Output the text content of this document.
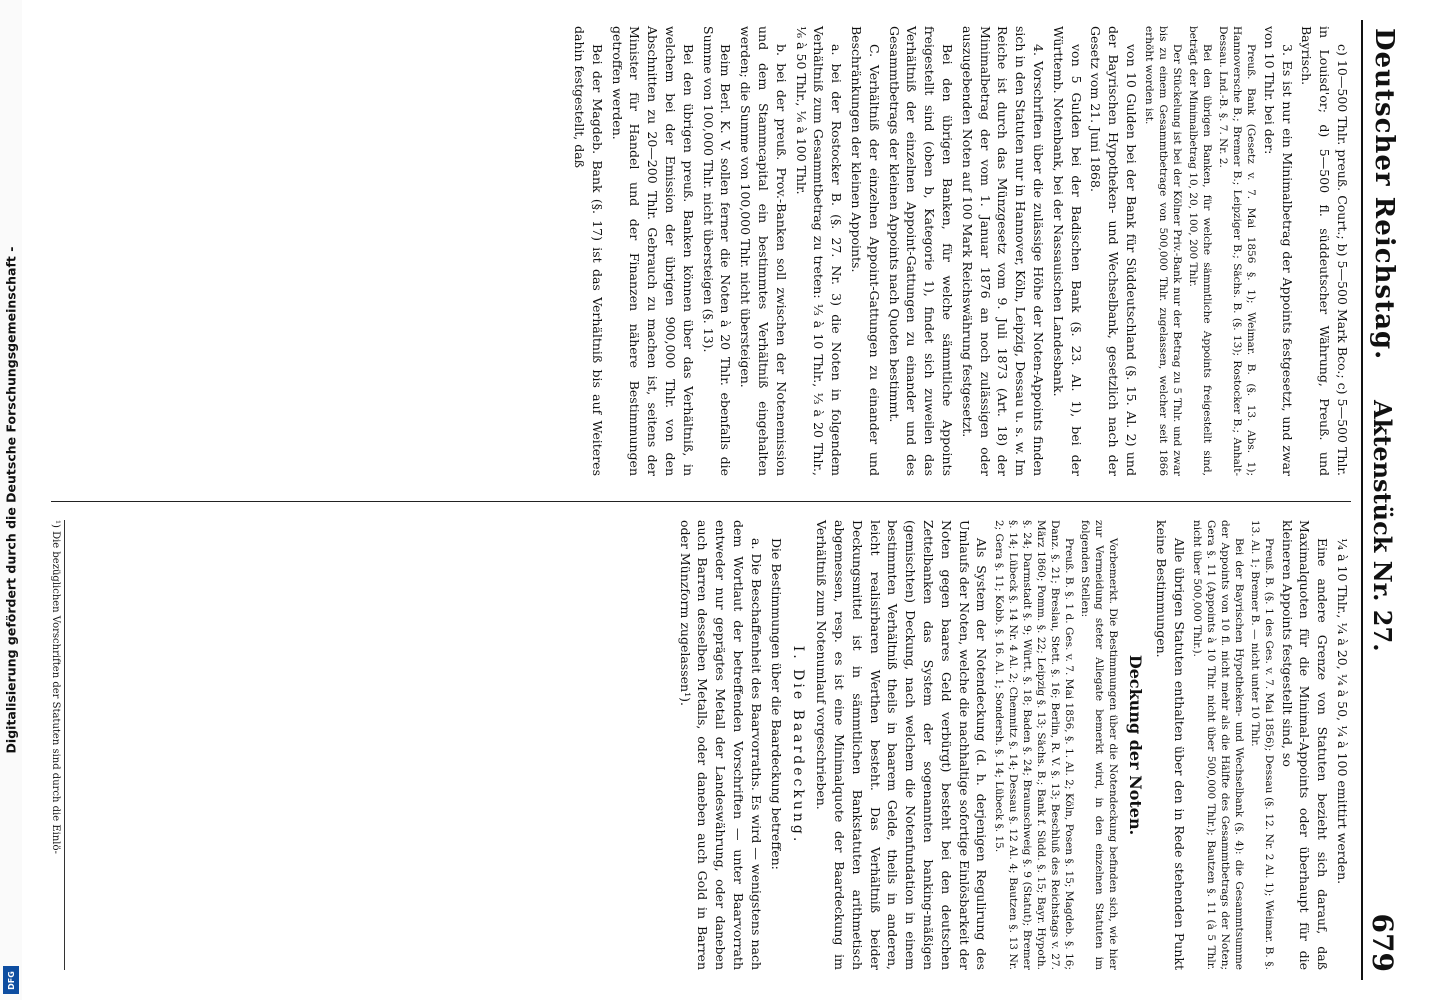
Digitalisierung gefördert durch die Deutsche Forschungsgemeinschaft -
DFG
Deutscher Reichstag.
Aktenstück Nr. 27.
679

c) 10—500 Thlr. preuß. Court.; b) 5—500 Mark Bco.; c) 5—500 Thlr. in Louisd'or; d) 5—500 fl. süddeutscher Währung, Preuß. und Bayrisch.

3. Es ist nur ein Minimalbetrag der Appoints festgesetzt, und zwar von 10 Thlr. bei der:

Preuß. Bank (Gesetz v. 7. Mai 1856 §. 1); Weimar. B. (§. 13. Abs. 1); Hannoversche B.; Bremer B.; Leipziger B.; Sächs. B. (§. 13); Rostocker B.; Anhalt-Dessau. Lnd.-B. §. 7. Nr. 2.

Bei den übrigen Banken, für welche sämmtliche Appoints freigestellt sind, beträgt der Minimalbetrag 10, 20, 100, 200 Thlr.

Der Stückelung ist bei der Kölner Priv.-Bank nur der Betrag zu 5 Thlr. und zwar bis zu einem Gesammtbetrage von 500,000 Thlr. zugelassen, welcher seit 1866 erhöht worden ist.

von 10 Gulden bei der Bank für Süddeutschland (§. 15. Al. 2) und der Bayrischen Hypotheken- und Wechselbank, gesetzlich nach der Gesetz vom 21. Juni 1868.

von 5 Gulden bei der Badischen Bank (§. 23. Al. 1), bei der Württemb. Notenbank, bei der Nassauischen Landesbank.

4. Vorschriften über die zulässige Höhe der Noten-Appoints finden sich in den Statuten nur in Hannover, Köln, Leipzig, Dessau u. s. w. Im Reiche ist durch das Münzgesetz vom 9. Juli 1873 (Art. 18) der Minimalbetrag der vom 1. Januar 1876 an noch zulässigen oder auszugebenden Noten auf 100 Mark Reichswährung festgesetzt.

Bei den übrigen Banken, für welche sämmtliche Appoints freigestellt sind (oben b, Kategorie 1), findet sich zuweilen das Verhältniß der einzelnen Appoint-Gattungen zu einander und des Gesammtbetrags der kleinen Appoints nach Quoten bestimmt.

C. Verhältniß der einzelnen Appoint-Gattungen zu einander und Beschränkungen der kleinen Appoints.

a. bei der Rostocker B. (§. 27. Nr. 3) die Noten in folgendem Verhältniß zum Gesammtbetrag zu treten: ⅓ à 10 Thlr., ⅓ à 20 Thlr., ⅙ à 50 Thlr., ⅙ à 100 Thlr.

b. bei der preuß. Prov.-Banken soll zwischen der Notenemission und dem Stammcapital ein bestimmtes Verhältniß eingehalten werden; die Summe von 100,000 Thlr. nicht übersteigen.

Beim Berl. K. V. sollen ferner die Noten à 20 Thlr. ebenfalls die Summe von 100,000 Thlr. nicht übersteigen (§. 13).

Bei den übrigen preuß. Banken können über das Verhältniß, in welchem bei der Emission der übrigen 900,000 Thlr. von den Abschnitten zu 20—200 Thlr. Gebrauch zu machen ist, seitens der Minister für Handel und der Finanzen nähere Bestimmungen getroffen werden.

Bei der Magdeb. Bank (§. 17) ist das Verhältniß bis auf Weiteres dahin festgestellt, daß

¼ à 10 Thlr., ¼ à 20, ¼ à 50, ¼ à 100 emittirt werden.

Eine andere Grenze von Statuten bezieht sich darauf, daß Maximalquoten für die Minimal-Appoints oder überhaupt für die kleineren Appoints festgestellt sind, so

Preuß. B. (§. 1 des Ges. v. 7. Mai 1856); Dessau (§. 12. Nr. 2 Al. 1); Weimar. B. §. 13. Al. 1; Bremer B. — nicht unter 10 Thlr.

Bei der Bayrischen Hypotheken- und Wechselbank (§. 4): die Gesammtsumme der Appoints von 10 fl. nicht mehr als die Hälfte des Gesammtbetrags der Noten; Gera §. 11 (Appoints à 10 Thlr. nicht über 500,000 Thlr.); Bautzen §. 11 (à 5 Thlr. nicht über 500,000 Thlr.).

Alle übrigen Statuten enthalten über den in Rede stehenden Punkt keine Bestimmungen.

Deckung der Noten.

Vorbemerkt. Die Bestimmungen über die Notendeckung befinden sich, wie hier zur Vermeidung steter Allegate bemerkt wird, in den einzelnen Statuten im folgenden Stellen:

Preuß. B. §. 1 d. Ges. v. 7. Mai 1856, §. 1. Al. 2; Köln, Posen §. 15; Magdeb. §. 16; Danz. §. 21; Breslau, Stett. §. 16; Berlin, R. V. §. 13; Beschluß des Reichstags v. 27. März 1860; Pomm. §. 22; Leipzig §. 13; Sächs. B.; Bank f. Südd. §. 15; Bayr. Hypoth. §. 24; Darmstadt §. 9; Württ. §. 18; Baden §. 24; Braunschweig §. 9 (Statut); Bremer §. 14; Lübeck §. 14 Nr. 4 Al. 2; Chemnitz §. 14; Dessau §. 12 Al. 4; Bautzen §. 13 Nr. 2; Gera §. 11; Kobb. §. 16. Al. 1; Sondersh. §. 14; Lübeck §. 15.

Als System der Notendeckung (d. h. derjenigen Regulirung des Umlaufs der Noten, welche die nachhaltige sofortige Einlösbarkeit der Noten gegen baares Geld verbürgt) besteht bei den deutschen Zettelbanken das System der sogenannten banking-mäßigen (gemischten) Deckung, nach welchem die Notenfundation in einem bestimmten Verhältniß theils in baarem Gelde, theils in anderen, leicht realisirbaren Werthen besteht. Das Verhältniß beider Deckungsmittel ist in sämmtlichen Bankstatuten arithmetisch abgemessen, resp. es ist eine Minimalquote der Baardeckung im Verhältniß zum Notenumlauf vorgeschrieben.

I. Die Baardeckung.

Die Bestimmungen über die Baardeckung betreffen:

a. Die Beschaffenheit des Baarvorraths. Es wird — wenigstens nach dem Wortlaut der betreffenden Vorschriften — unter Baarvorrath entweder nur geprägtes Metall der Landeswährung, oder daneben auch Barren desselben Metalls, oder daneben auch Gold in Barren oder Münzform zugelassen¹).

¹) Die bezüglichen Vorschriften der Statuten sind durch die Einlö-
